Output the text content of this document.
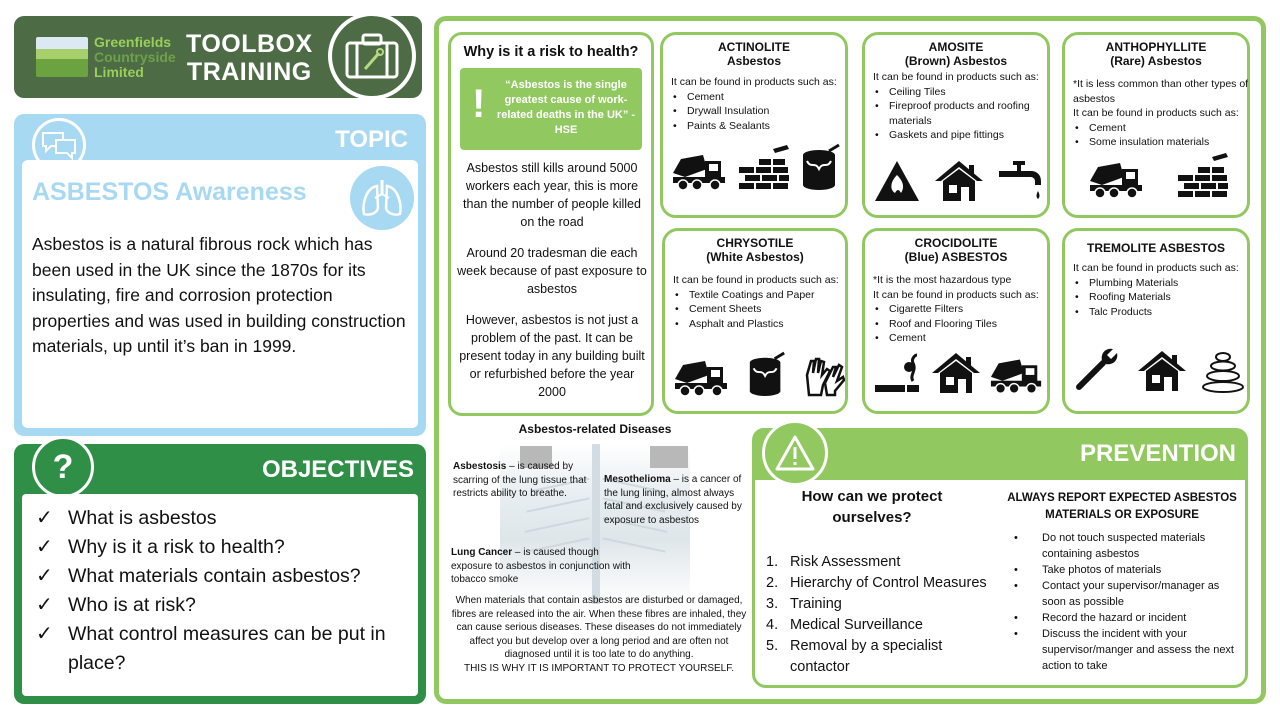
Greenfields
Countryside
Limited
TOOLBOX
TRAINING
TOPIC
ASBESTOS Awareness
Asbestos is a natural fibrous rock which has been used in the UK since the 1870s for its insulating, fire and corrosion protection properties and was used in building construction materials, up until it’s ban in 1999.
?	OBJECTIVES
✓ What is asbestos
✓ Why is it a risk to health?
✓ What materials contain asbestos?
✓ Who is at risk?
✓ What control measures can be put in place?
Why is it a risk to health?
!	“Asbestos is the single greatest cause of work-related deaths in the UK” - HSE

Asbestos still kills around 5000 workers each year, this is more than the number of people killed on the road

Around 20 tradesman die each week because of past exposure to asbestos

However, asbestos is not just a problem of the past. It can be present today in any building built or refurbished before the year 2000

ACTINOLITE
Asbestos
It can be found in products such as:
• Cement
• Drywall Insulation
• Paints & Sealants
AMOSITE
(Brown) Asbestos
It can be found in products such as:
• Ceiling Tiles
• Fireproof products and roofing materials
• Gaskets and pipe fittings
ANTHOPHYLLITE
(Rare) Asbestos
*It is less common than other types of asbestos
It can be found in products such as:
• Cement
• Some insulation materials
CHRYSOTILE
(White Asbestos)
It can be found in products such as:
• Textile Coatings and Paper
• Cement Sheets
• Asphalt and Plastics
CROCIDOLITE
(Blue) ASBESTOS
*It is the most hazardous type
It can be found in products such as:
• Cigarette Filters
• Roof and Flooring Tiles
• Cement
TREMOLITE ASBESTOS
It can be found in products such as:
• Plumbing Materials
• Roofing Materials
• Talc Products
Asbestos-related Diseases
Asbestosis – is caused by scarring of the lung tissue that restricts ability to breathe.
Mesothelioma – is a cancer of the lung lining, almost always fatal and exclusively caused by exposure to asbestos
Lung Cancer – is caused though exposure to asbestos in conjunction with tobacco smoke
When materials that contain asbestos are disturbed or damaged, fibres are released into the air. When these fibres are inhaled, they can cause serious diseases. These diseases do not immediately affect you but develop over a long period and are often not diagnosed until it is too late to do anything.
THIS IS WHY IT IS IMPORTANT TO PROTECT YOURSELF.
PREVENTION
How can we protect ourselves?
1. Risk Assessment
2. Hierarchy of Control Measures
3. Training
4. Medical Surveillance
5. Removal by a specialist contactor
ALWAYS REPORT EXPECTED ASBESTOS MATERIALS OR EXPOSURE
• Do not touch suspected materials containing asbestos
• Take photos of materials
• Contact your supervisor/manager as soon as possible
• Record the hazard or incident
• Discuss the incident with your supervisor/manger and assess the next action to take
